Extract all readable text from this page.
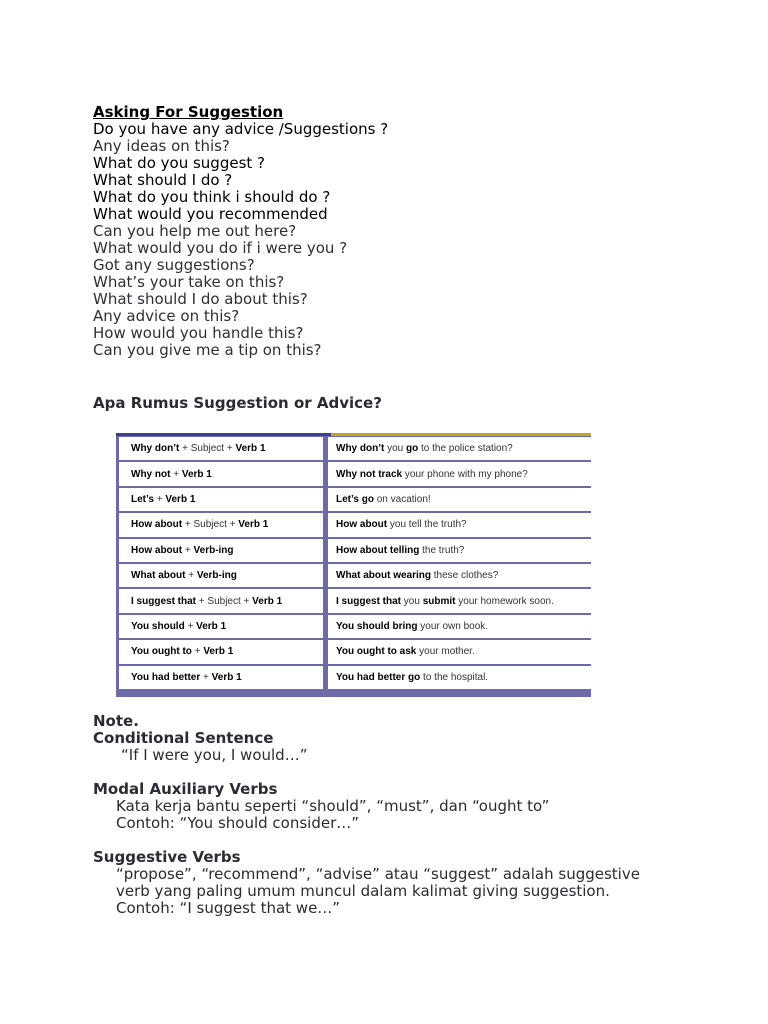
Asking For Suggestion

Do you have any advice /Suggestions ?

Any ideas on this?

What do you suggest ?

What should I do ?

What do you think i should do ?

What would you recommended

Can you help me out here?

What would you do if i were you ?

Got any suggestions?

What’s your take on this?

What should I do about this?

Any advice on this?

How would you handle this?

Can you give me a tip on this?

Apa Rumus Suggestion or Advice?

Why don’t + Subject + Verb 1	Why don’t you go to the police station?
Why not + Verb 1	Why not track your phone with my phone?
Let’s + Verb 1	Let’s go on vacation!
How about + Subject + Verb 1	How about you tell the truth?
How about + Verb-ing	How about telling the truth?
What about + Verb-ing	What about wearing these clothes?
I suggest that + Subject + Verb 1	I suggest that you submit your homework soon.
You should + Verb 1	You should bring your own book.
You ought to + Verb 1	You ought to ask your mother.
You had better + Verb 1	You had better go to the hospital.

Note.

Conditional Sentence

“If I were you, I would…”

Modal Auxiliary Verbs

Kata kerja bantu seperti “should”, “must”, dan “ought to”

Contoh: “You should consider…”

Suggestive Verbs

“propose”, “recommend”, “advise” atau “suggest” adalah suggestive

verb yang paling umum muncul dalam kalimat giving suggestion.

Contoh: “I suggest that we…”
